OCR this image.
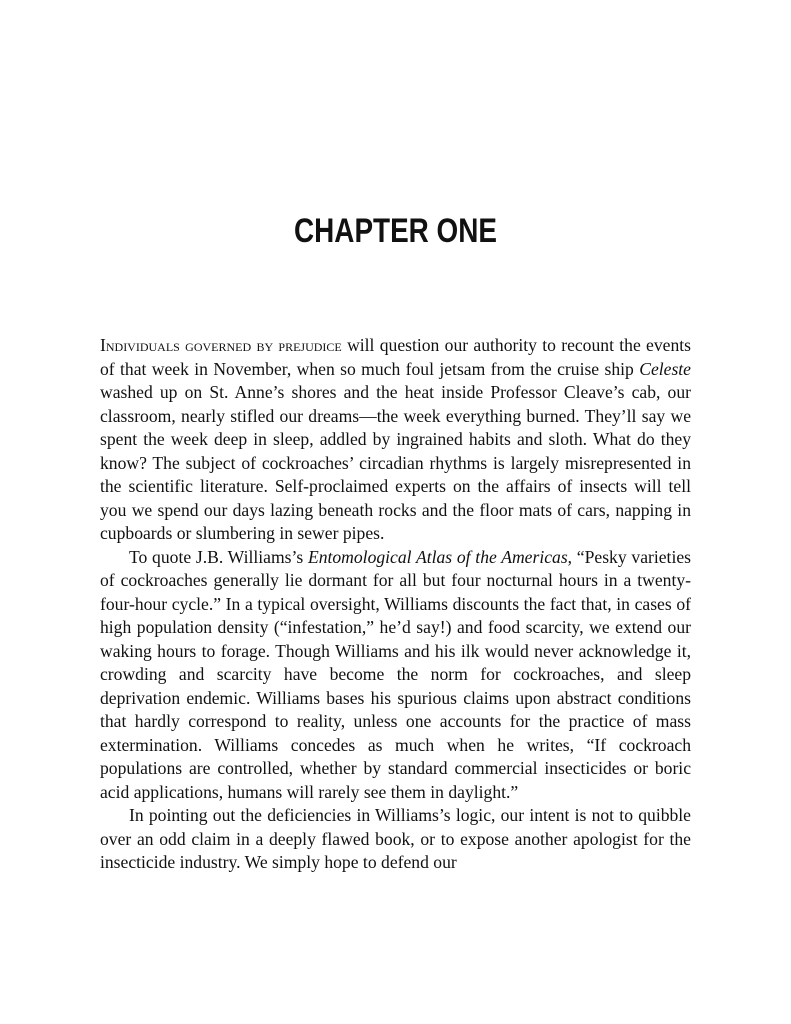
CHAPTER ONE

Individuals governed by prejudice will question our authority to recount the events of that week in November, when so much foul jetsam from the cruise ship Celeste washed up on St. Anne’s shores and the heat inside Professor Cleave’s cab, our classroom, nearly stifled our dreams—the week everything burned. They’ll say we spent the week deep in sleep, addled by ingrained habits and sloth. What do they know? The subject of cockroaches’ circadian rhythms is largely misrepresented in the scientific literature. Self-proclaimed experts on the affairs of insects will tell you we spend our days lazing beneath rocks and the floor mats of cars, napping in cupboards or slumbering in sewer pipes.

To quote J.B. Williams’s Entomological Atlas of the Americas, “Pesky varieties of cockroaches generally lie dormant for all but four nocturnal hours in a twenty-four-hour cycle.” In a typical oversight, Williams discounts the fact that, in cases of high population density (“infestation,” he’d say!) and food scarcity, we extend our waking hours to forage. Though Williams and his ilk would never acknowledge it, crowding and scarcity have become the norm for cockroaches, and sleep deprivation endemic. Williams bases his spurious claims upon abstract conditions that hardly correspond to reality, unless one accounts for the practice of mass extermination. Williams concedes as much when he writes, “If cockroach populations are controlled, whether by standard commercial insecticides or boric acid applications, humans will rarely see them in daylight.”

In pointing out the deficiencies in Williams’s logic, our intent is not to quibble over an odd claim in a deeply flawed book, or to expose another apologist for the insecticide industry. We simply hope to defend our
